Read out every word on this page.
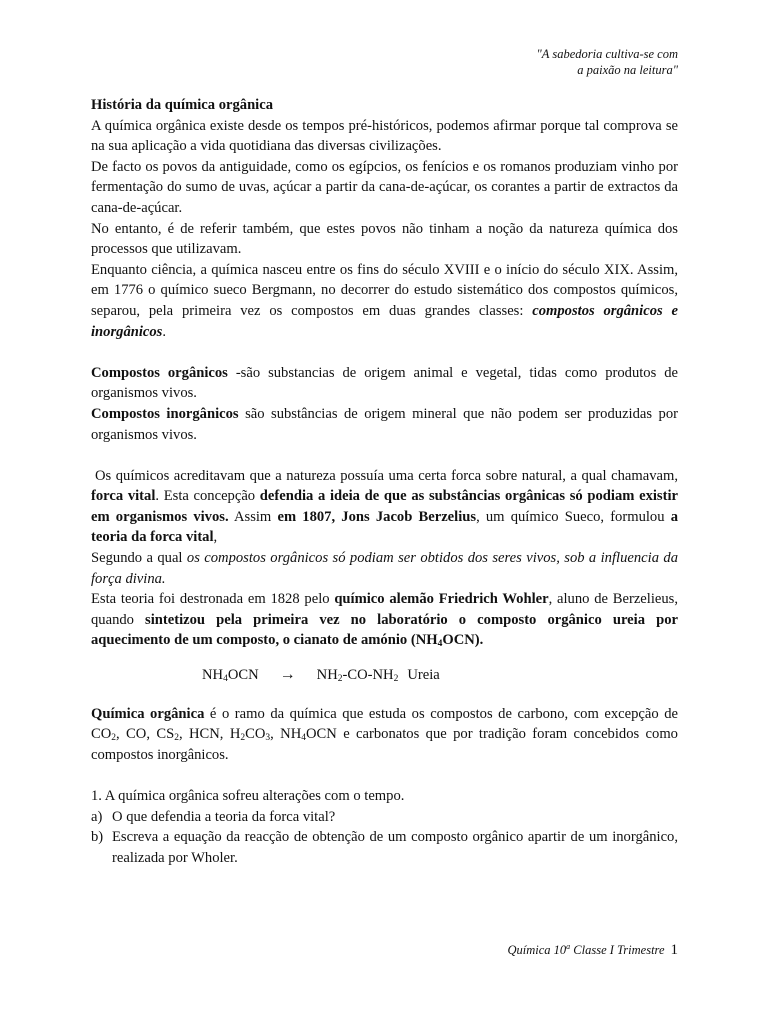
"A sabedoria cultiva-se com
a paixão na leitura"

História da química orgânica

A química orgânica existe desde os tempos pré-históricos, podemos afirmar porque tal comprova se na sua aplicação a vida quotidiana das diversas civilizações.

De facto os povos da antiguidade, como os egípcios, os fenícios e os romanos produziam vinho por fermentação do sumo de uvas, açúcar a partir da cana-de-açúcar, os corantes a partir de extractos da cana-de-açúcar.

No entanto, é de referir também, que estes povos não tinham a noção da natureza química dos processos que utilizavam.

Enquanto ciência, a química nasceu entre os fins do século XVIII e o início do século XIX. Assim, em 1776 o químico sueco Bergmann, no decorrer do estudo sistemático dos compostos químicos, separou, pela primeira vez os compostos em duas grandes classes: compostos orgânicos e inorgânicos.

Compostos orgânicos -são substancias de origem animal e vegetal, tidas como produtos de organismos vivos.

Compostos inorgânicos são substâncias de origem mineral que não podem ser produzidas por organismos vivos.

Os químicos acreditavam que a natureza possuía uma certa forca sobre natural, a qual chamavam, forca vital. Esta concepção defendia a ideia de que as substâncias orgânicas só podiam existir em organismos vivos. Assim em 1807, Jons Jacob Berzelius, um químico Sueco, formulou a teoria da forca vital,

Segundo a qual os compostos orgânicos só podiam ser obtidos dos seres vivos, sob a influencia da força divina.

Esta teoria foi destronada em 1828 pelo químico alemão Friedrich Wohler, aluno de Berzelieus, quando sintetizou pela primeira vez no laboratório o composto orgânico ureia por aquecimento de um composto, o cianato de amónio $(NH_4OCN)$.

$NH_4OCN \to NH_2-CO-NH_2$ Ureia

Química orgânica é o ramo da química que estuda os compostos de carbono, com excepção de $CO_2$, CO, $CS_2$, HCN, $H_2CO_3$, $NH_4OCN$ e carbonatos que por tradição foram concebidos como compostos inorgânicos.

1. A química orgânica sofreu alterações com o tempo.

a) O que defendia a teoria da forca vital?
b) Escreva a equação da reacção de obtenção de um composto orgânico apartir de um inorgânico, realizada por Wholer.
Química 10$^a$ Classe I Trimestre 1
